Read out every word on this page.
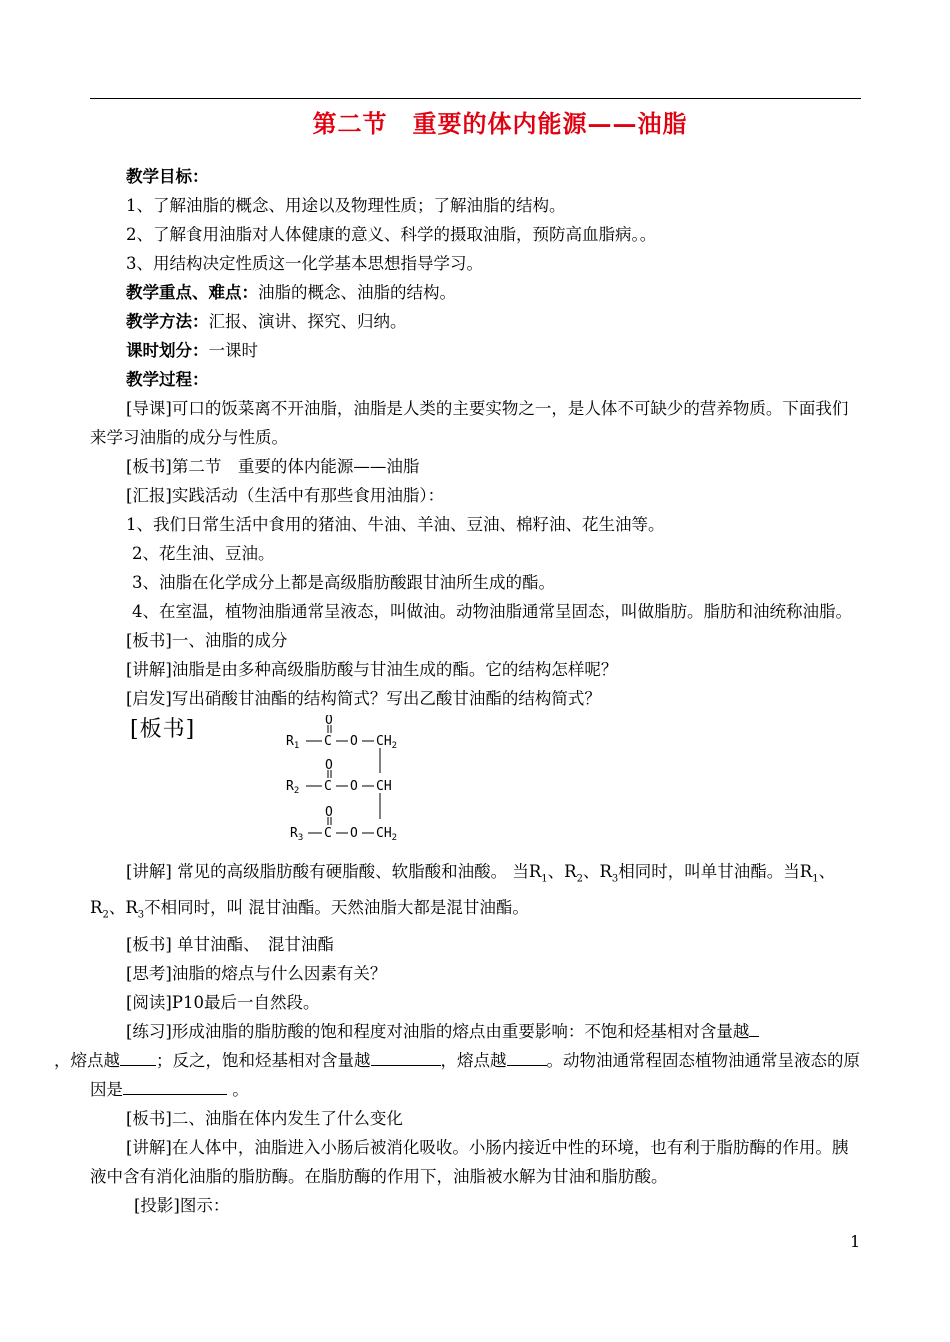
第二节　重要的体内能源——油脂

教学目标：

1、了解油脂的概念、用途以及物理性质；了解油脂的结构。

2、了解食用油脂对人体健康的意义、科学的摄取油脂，预防高血脂病。。

3、用结构决定性质这一化学基本思想指导学习。

教学重点、难点：油脂的概念、油脂的结构。

教学方法：汇报、演讲、探究、归纳。

课时划分：一课时

教学过程：

[导课]可口的饭菜离不开油脂，油脂是人类的主要实物之一，是人体不可缺少的营养物质。下面我们来学习油脂的成分与性质。

[板书]第二节　重要的体内能源——油脂

[汇报]实践活动（生活中有那些食用油脂）：

1、我们日常生活中食用的猪油、牛油、羊油、豆油、棉籽油、花生油等。

2、花生油、豆油。

3、油脂在化学成分上都是高级脂肪酸跟甘油所生成的酯。

4、在室温，植物油脂通常呈液态，叫做油。动物油脂通常呈固态，叫做脂肪。脂肪和油统称油脂。

[板书]一、油脂的成分

[讲解]油脂是由多种高级脂肪酸与甘油生成的酯。它的结构怎样呢？

[启发]写出硝酸甘油酯的结构简式？写出乙酸甘油酯的结构简式？

[板书]	$R_1$ C
O
O $CH_2$
$R_2$ C
O
O CH
$R_3$ C
O
O $CH_2$

[讲解] 常见的高级脂肪酸有硬脂酸、软脂酸和油酸。 当$R_1$、$R_2$、$R_3$相同时，叫单甘油酯。当$R_1$、$R_2$、$R_3$不相同时，叫 混甘油酯。天然油脂大都是混甘油酯。

[板书] 单甘油酯、　混甘油酯

[思考]油脂的熔点与什么因素有关？

[阅读]P10最后一自然段。

[练习]形成油脂的脂肪酸的饱和程度对油脂的熔点由重要影响：不饱和烃基相对含量越
，熔点越 ；反之，饱和烃基相对含量越	，熔点越 。动物油通常程固态植物油通常呈液态的原因是	。

[板书]二、油脂在体内发生了什么变化

[讲解]在人体中，油脂进入小肠后被消化吸收。小肠内接近中性的环境，也有利于脂肪酶的作用。胰液中含有消化油脂的脂肪酶。在脂肪酶的作用下，油脂被水解为甘油和脂肪酸。

[投影]图示：

1
